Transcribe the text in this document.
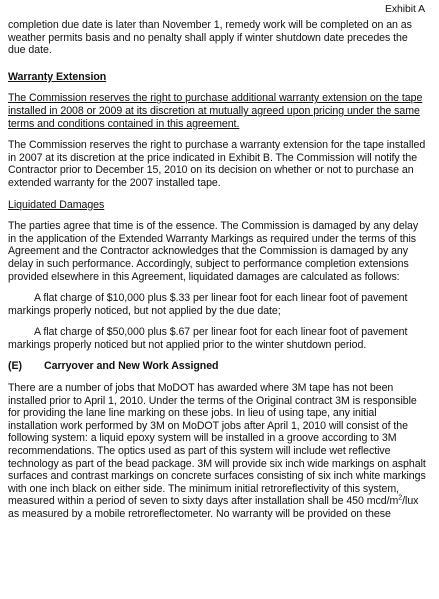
Exhibit A

completion due date is later than November 1, remedy work will be completed on an as weather permits basis and no penalty shall apply if winter shutdown date precedes the due date.

Warranty Extension

The Commission reserves the right to purchase additional warranty extension on the tape installed in 2008 or 2009 at its discretion at mutually agreed upon pricing under the same terms and conditions contained in this agreement.

The Commission reserves the right to purchase a warranty extension for the tape installed in 2007 at its discretion at the price indicated in Exhibit B. The Commission will notify the Contractor prior to December 15, 2010 on its decision on whether or not to purchase an extended warranty for the 2007 installed tape.

Liquidated Damages

The parties agree that time is of the essence. The Commission is damaged by any delay in the application of the Extended Warranty Markings as required under the terms of this Agreement and the Contractor acknowledges that the Commission is damaged by any delay in such performance. Accordingly, subject to performance completion extensions provided elsewhere in this Agreement, liquidated damages are calculated as follows:

A flat charge of $10,000 plus $.33 per linear foot for each linear foot of pavement markings properly noticed, but not applied by the due date;

A flat charge of $50,000 plus $.67 per linear foot for each linear foot of pavement markings properly noticed but not applied prior to the winter shutdown period.

(E)	Carryover and New Work Assigned

There are a number of jobs that MoDOT has awarded where 3M tape has not been installed prior to April 1, 2010. Under the terms of the Original contract 3M is responsible for providing the lane line marking on these jobs. In lieu of using tape, any initial installation work performed by 3M on MoDOT jobs after April 1, 2010 will consist of the following system: a liquid epoxy system will be installed in a groove according to 3M recommendations. The optics used as part of this system will include wet reflective technology as part of the bead package. 3M will provide six inch wide markings on asphalt surfaces and contrast markings on concrete surfaces consisting of six inch white markings with one inch black on either side. The minimum initial retroreflectivity of this system, measured within a period of seven to sixty days after installation shall be 450 mcd/$m^2$/lux as measured by a mobile retroreflectometer. No warranty will be provided on these
